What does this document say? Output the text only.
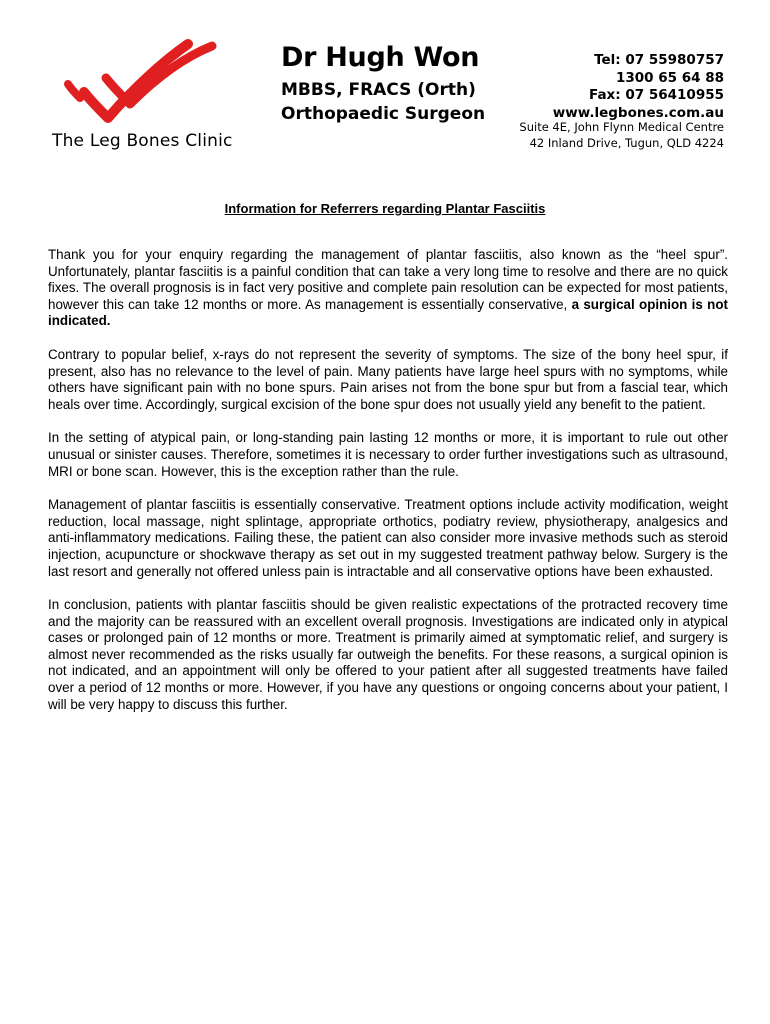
The Leg Bones Clinic
Dr Hugh Won
MBBS, FRACS (Orth)
Orthopaedic Surgeon
Tel: 07 55980757
1300 65 64 88
Fax: 07 56410955
www.legbones.com.au
Suite 4E, John Flynn Medical Centre
42 Inland Drive, Tugun, QLD 4224
Information for Referrers regarding Plantar Fasciitis

Thank you for your enquiry regarding the management of plantar fasciitis, also known as the “heel spur”. Unfortunately, plantar fasciitis is a painful condition that can take a very long time to resolve and there are no quick fixes. The overall prognosis is in fact very positive and complete pain resolution can be expected for most patients, however this can take 12 months or more. As management is essentially conservative, a surgical opinion is not indicated.

Contrary to popular belief, x-rays do not represent the severity of symptoms. The size of the bony heel spur, if present, also has no relevance to the level of pain. Many patients have large heel spurs with no symptoms, while others have significant pain with no bone spurs. Pain arises not from the bone spur but from a fascial tear, which heals over time. Accordingly, surgical excision of the bone spur does not usually yield any benefit to the patient.

In the setting of atypical pain, or long-standing pain lasting 12 months or more, it is important to rule out other unusual or sinister causes. Therefore, sometimes it is necessary to order further investigations such as ultrasound, MRI or bone scan. However, this is the exception rather than the rule.

Management of plantar fasciitis is essentially conservative. Treatment options include activity modification, weight reduction, local massage, night splintage, appropriate orthotics, podiatry review, physiotherapy, analgesics and anti-inflammatory medications. Failing these, the patient can also consider more invasive methods such as steroid injection, acupuncture or shockwave therapy as set out in my suggested treatment pathway below. Surgery is the last resort and generally not offered unless pain is intractable and all conservative options have been exhausted.

In conclusion, patients with plantar fasciitis should be given realistic expectations of the protracted recovery time and the majority can be reassured with an excellent overall prognosis. Investigations are indicated only in atypical cases or prolonged pain of 12 months or more. Treatment is primarily aimed at symptomatic relief, and surgery is almost never recommended as the risks usually far outweigh the benefits. For these reasons, a surgical opinion is not indicated, and an appointment will only be offered to your patient after all suggested treatments have failed over a period of 12 months or more. However, if you have any questions or ongoing concerns about your patient, I will be very happy to discuss this further.
